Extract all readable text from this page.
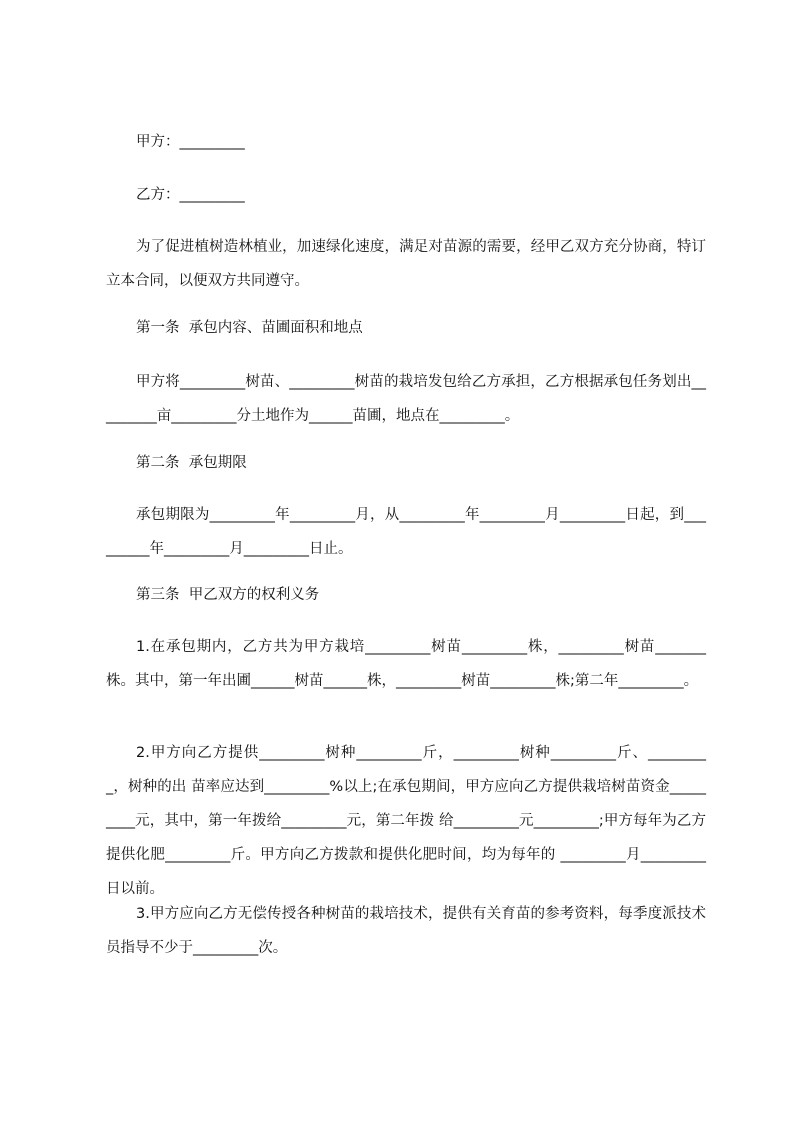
甲方：_________
乙方：_________
为了促进植树造林植业，加速绿化速度，满足对苗源的需要，经甲乙双方充分协商，特订立本合同，以便双方共同遵守。
第一条  承包内容、苗圃面积和地点
甲方将_________树苗、_________树苗的栽培发包给乙方承担，乙方根据承包任务划出_________亩_________分土地作为______苗圃，地点在_________。
第二条  承包期限
承包期限为_________年_________月，从_________年_________月_________日起，到_________年_________月_________日止。
第三条  甲乙双方的权利义务
1.在承包期内，乙方共为甲方栽培_________树苗_________株，_________树苗_______株。其中，第一年出圃______树苗______株，_________树苗_________株;第二年_________。
2.甲方向乙方提供_________树种_________斤，_________树种_________斤、_________，树种的出 苗率应达到_________%以上;在承包期间，甲方应向乙方提供栽培树苗资金_________元，其中，第一年拨给_________元，第二年拨 给_________元_________;甲方每年为乙方提供化肥_________斤。甲方向乙方拨款和提供化肥时间，均为每年的 _________月_________日以前。
3.甲方应向乙方无偿传授各种树苗的栽培技术，提供有关育苗的参考资料，每季度派技术员指导不少于_________次。
